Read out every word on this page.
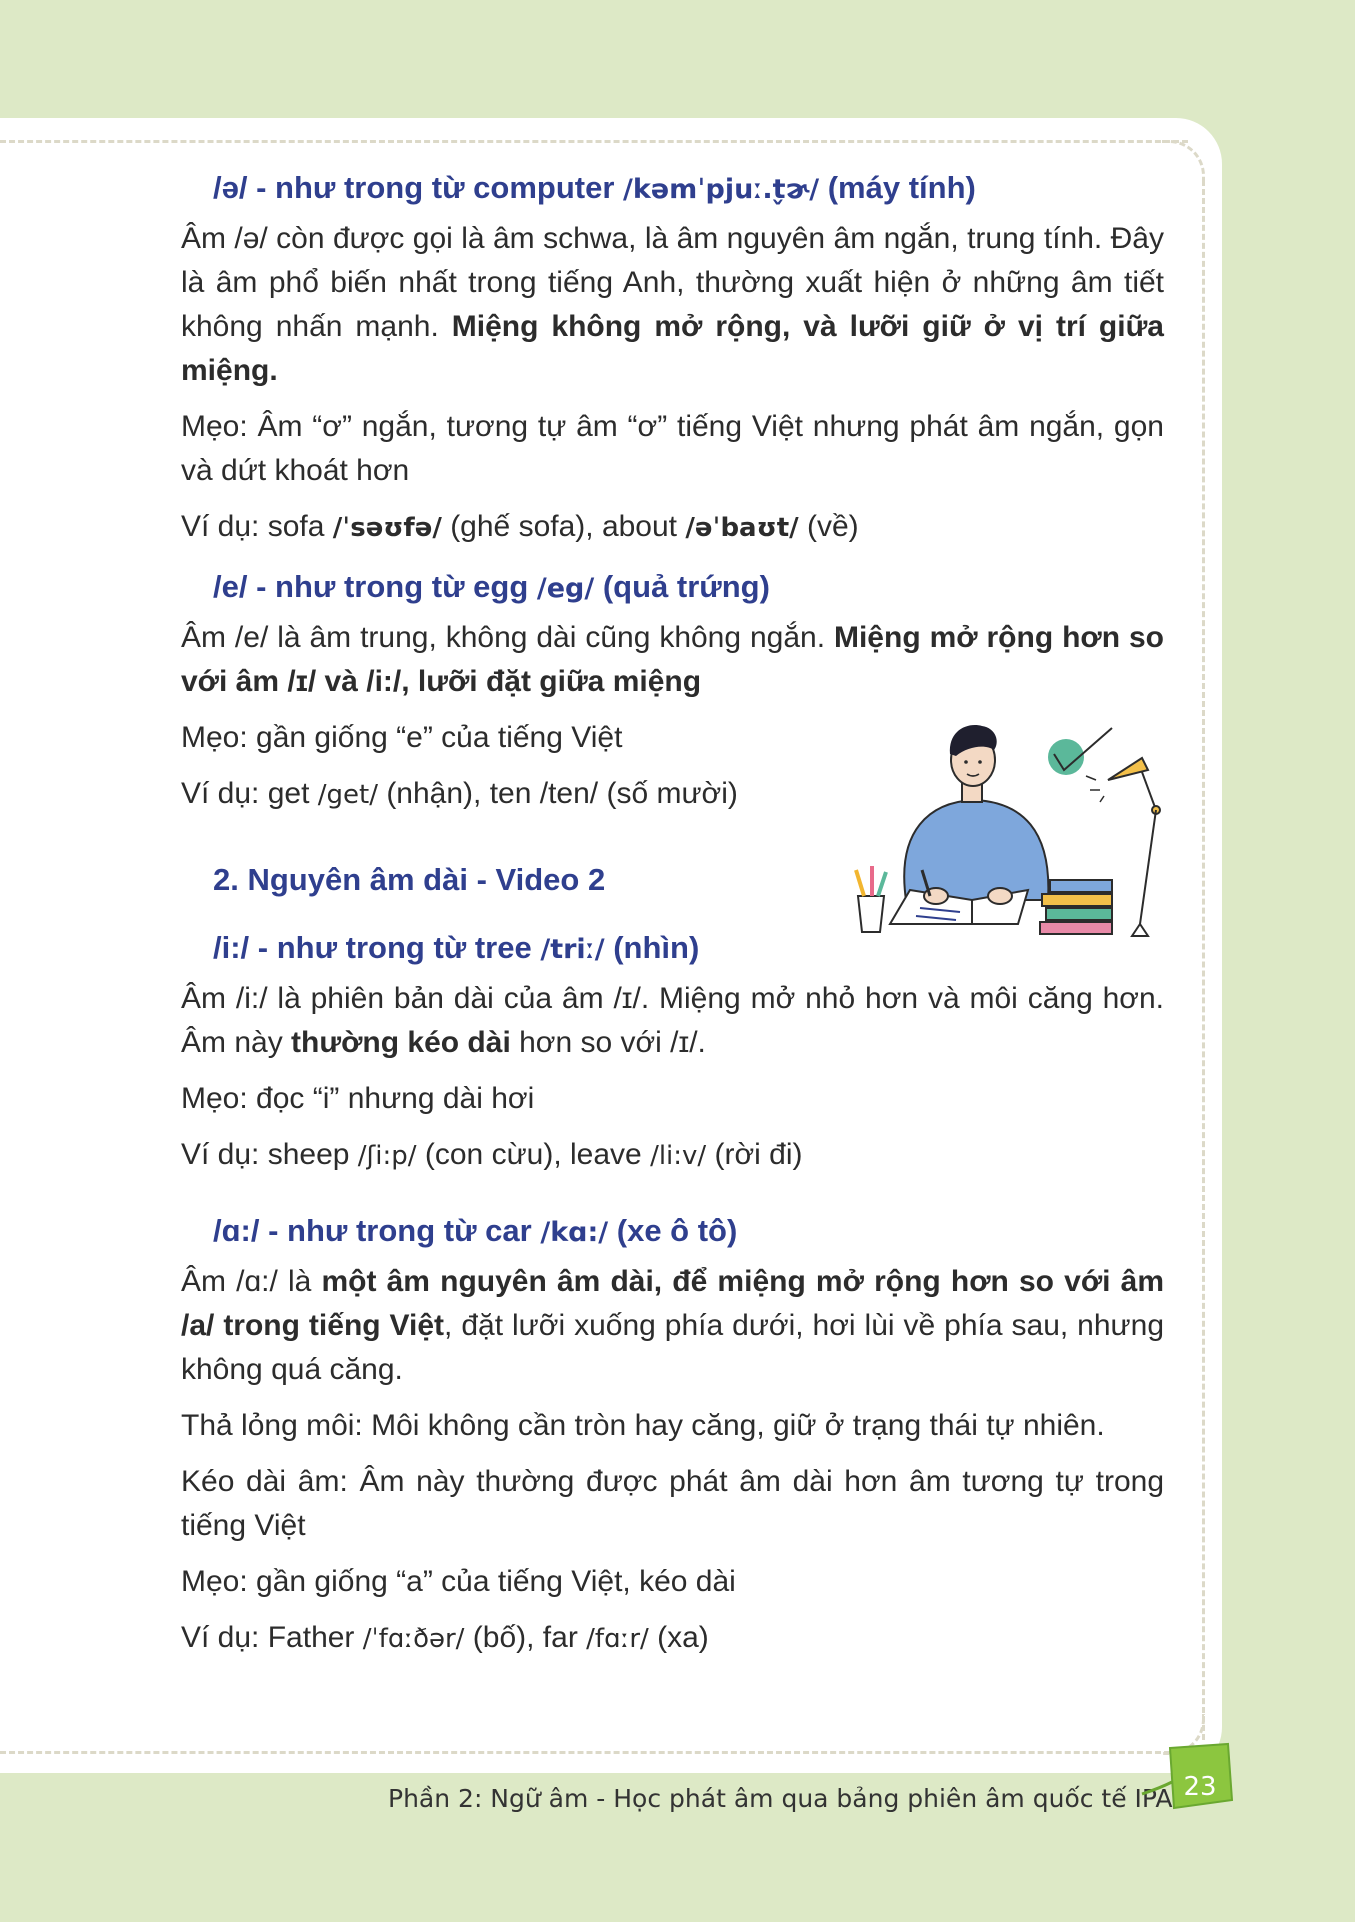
/ə/ - như trong từ computer /kəmˈpjuː.t̬ɚ/ (máy tính)

Âm /ə/ còn được gọi là âm schwa, là âm nguyên âm ngắn, trung tính. Đây là âm phổ biến nhất trong tiếng Anh, thường xuất hiện ở những âm tiết không nhấn mạnh. Miệng không mở rộng, và lưỡi giữ ở vị trí giữa miệng.

Mẹo: Âm “ơ” ngắn, tương tự âm “ơ” tiếng Việt nhưng phát âm ngắn, gọn và dứt khoát hơn

Ví dụ: sofa /ˈsəʊfə/ (ghế sofa), about /əˈbaʊt/ (về)

/e/ - như trong từ egg /eg/ (quả trứng)

Âm /e/ là âm trung, không dài cũng không ngắn. Miệng mở rộng hơn so với âm /ɪ/ và /i:/, lưỡi đặt giữa miệng

Mẹo: gần giống “e” của tiếng Việt

Ví dụ: get /get/ (nhận), ten /ten/ (số mười)

2. Nguyên âm dài - Video 2
/i:/ - như trong từ tree /triː/ (nhìn)

Âm /i:/ là phiên bản dài của âm /ɪ/. Miệng mở nhỏ hơn và môi căng hơn. Âm này thường kéo dài hơn so với /ɪ/.

Mẹo: đọc “i” nhưng dài hơi

Ví dụ: sheep /ʃi:p/ (con cừu), leave /li:v/ (rời đi)

/ɑ:/ - như trong từ car /kɑ:/ (xe ô tô)

Âm /ɑ:/ là một âm nguyên âm dài, để miệng mở rộng hơn so với âm /a/ trong tiếng Việt, đặt lưỡi xuống phía dưới, hơi lùi về phía sau, nhưng không quá căng.

Thả lỏng môi: Môi không cần tròn hay căng, giữ ở trạng thái tự nhiên.

Kéo dài âm: Âm này thường được phát âm dài hơn âm tương tự trong tiếng Việt

Mẹo: gần giống “a” của tiếng Việt, kéo dài

Ví dụ: Father /ˈfɑːðər/ (bố), far /fɑːr/ (xa)

Phần 2: Ngữ âm - Học phát âm qua bảng phiên âm quốc tế IPA 23
